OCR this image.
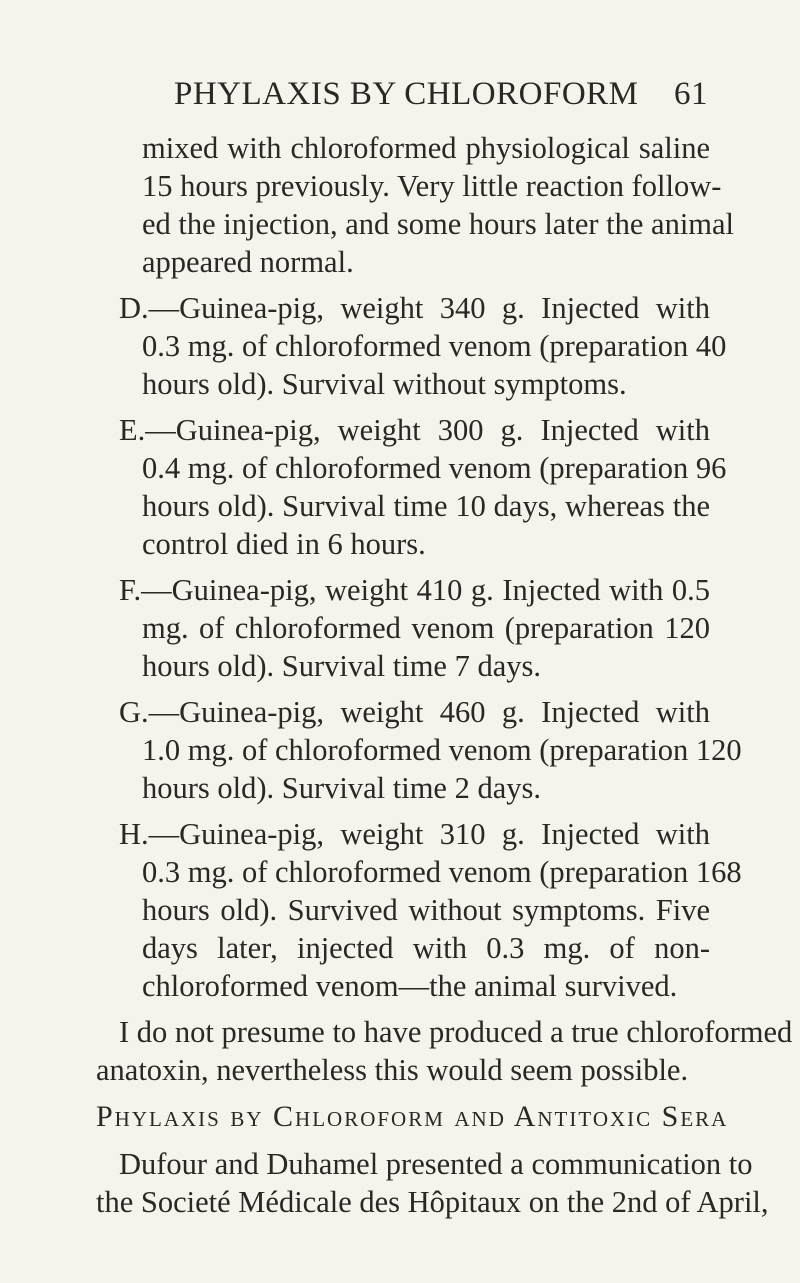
PHYLAXIS BY CHLOROFORM 61
mixed with chloroformed physiological saline
15 hours previously. Very little reaction follow-
ed the injection, and some hours later the animal
appeared normal.
D.—Guinea-pig, weight 340 g. Injected with
0.3 mg. of chloroformed venom (preparation 40
hours old). Survival without symptoms.
E.—Guinea-pig, weight 300 g. Injected with
0.4 mg. of chloroformed venom (preparation 96
hours old). Survival time 10 days, whereas the
control died in 6 hours.
F.—Guinea-pig, weight 410 g. Injected with 0.5
mg. of chloroformed venom (preparation 120
hours old). Survival time 7 days.
G.—Guinea-pig, weight 460 g. Injected with
1.0 mg. of chloroformed venom (preparation 120
hours old). Survival time 2 days.
H.—Guinea-pig, weight 310 g. Injected with
0.3 mg. of chloroformed venom (preparation 168
hours old). Survived without symptoms. Five
days later, injected with 0.3 mg. of non-
chloroformed venom—the animal survived.
I do not presume to have produced a true chloroformed
anatoxin, nevertheless this would seem possible.
Phylaxis by Chloroform and Antitoxic Sera
Dufour and Duhamel presented a communication to
the Societé Médicale des Hôpitaux on the 2nd of April,
